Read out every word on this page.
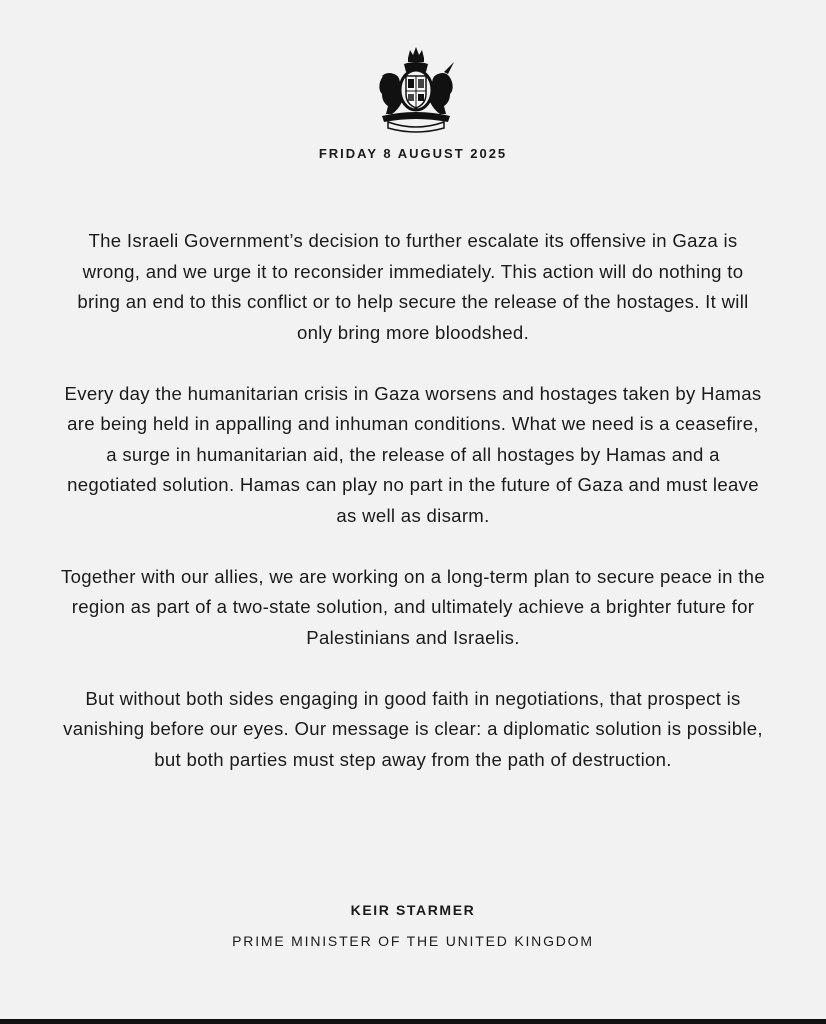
FRIDAY 8 AUGUST 2025

The Israeli Government’s decision to further escalate its offensive in Gaza is wrong, and we urge it to reconsider immediately. This action will do nothing to bring an end to this conflict or to help secure the release of the hostages. It will only bring more bloodshed.

Every day the humanitarian crisis in Gaza worsens and hostages taken by Hamas are being held in appalling and inhuman conditions. What we need is a ceasefire, a surge in humanitarian aid, the release of all hostages by Hamas and a negotiated solution. Hamas can play no part in the future of Gaza and must leave as well as disarm.

Together with our allies, we are working on a long-term plan to secure peace in the region as part of a two-state solution, and ultimately achieve a brighter future for Palestinians and Israelis.

But without both sides engaging in good faith in negotiations, that prospect is vanishing before our eyes. Our message is clear: a diplomatic solution is possible, but both parties must step away from the path of destruction.

KEIR STARMER
PRIME MINISTER OF THE UNITED KINGDOM
